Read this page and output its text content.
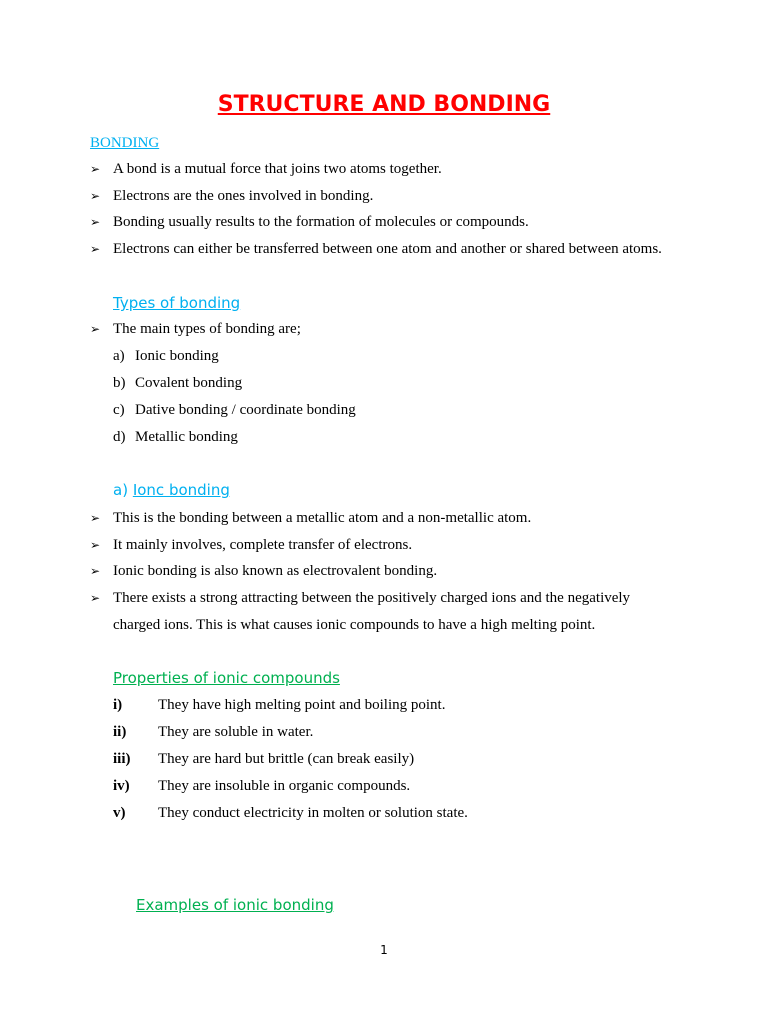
STRUCTURE AND BONDING
BONDING
➢ A bond is a mutual force that joins two atoms together.
➢ Electrons are the ones involved in bonding.
➢ Bonding usually results to the formation of molecules or compounds.
➢ Electrons can either be transferred between one atom and another or shared between atoms.
Types of bonding
➢ The main types of bonding are;
a) Ionic bonding
b) Covalent bonding
c) Dative bonding / coordinate bonding
d) Metallic bonding
a) Ionc bonding
➢ This is the bonding between a metallic atom and a non-metallic atom.
➢ It mainly involves, complete transfer of electrons.
➢ Ionic bonding is also known as electrovalent bonding.
➢ There exists a strong attracting between the positively charged ions and the negatively
charged ions. This is what causes ionic compounds to have a high melting point.
Properties of ionic compounds
i) They have high melting point and boiling point.
ii) They are soluble in water.
iii) They are hard but brittle (can break easily)
iv) They are insoluble in organic compounds.
v) They conduct electricity in molten or solution state.
Examples of ionic bonding
1
